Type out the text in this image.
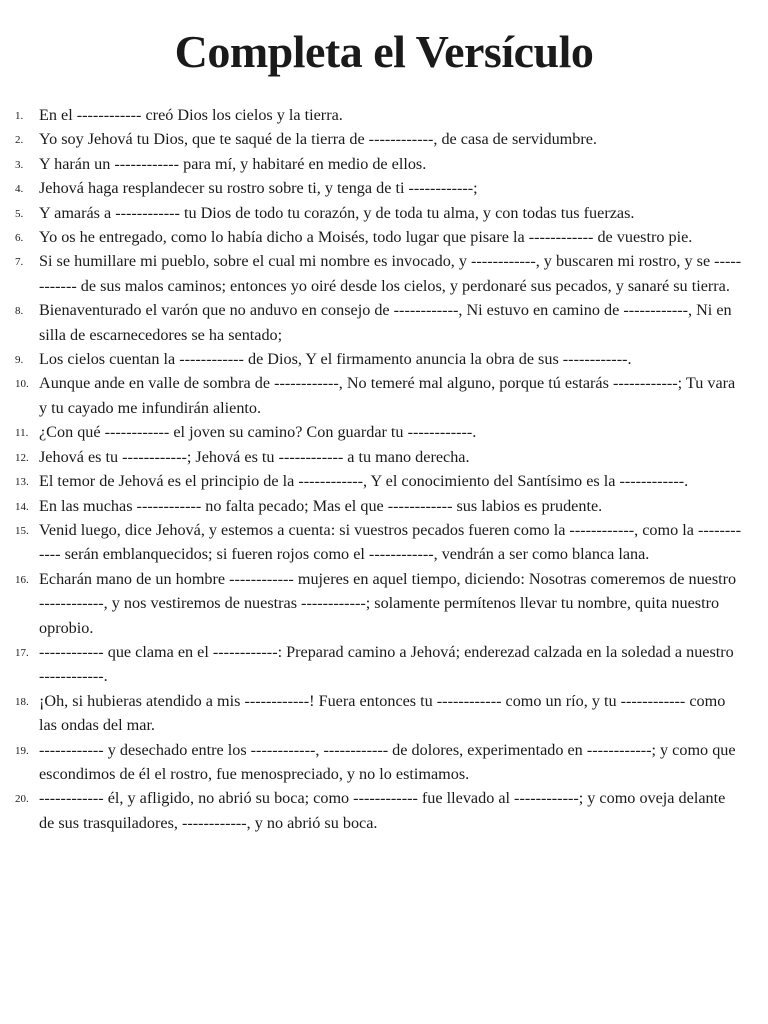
Completa el Versículo
1. En el ------------ creó Dios los cielos y la tierra.
2. Yo soy Jehová tu Dios, que te saqué de la tierra de ------------, de casa de servidumbre.
3. Y harán un ------------ para mí, y habitaré en medio de ellos.
4. Jehová haga resplandecer su rostro sobre ti, y tenga de ti ------------;
5. Y amarás a ------------ tu Dios de todo tu corazón, y de toda tu alma, y con todas tus fuerzas.
6. Yo os he entregado, como lo había dicho a Moisés, todo lugar que pisare la ------------ de vuestro pie.
7. Si se humillare mi pueblo, sobre el cual mi nombre es invocado, y ------------, y buscaren mi rostro, y se ------------ de sus malos caminos; entonces yo oiré desde los cielos, y perdonaré sus pecados, y sanaré su tierra.
8. Bienaventurado el varón que no anduvo en consejo de ------------, Ni estuvo en camino de ------------, Ni en silla de escarnecedores se ha sentado;
9. Los cielos cuentan la ------------ de Dios, Y el firmamento anuncia la obra de sus ------------.
10. Aunque ande en valle de sombra de ------------, No temeré mal alguno, porque tú estarás ------------; Tu vara y tu cayado me infundirán aliento.
11. ¿Con qué ------------ el joven su camino? Con guardar tu ------------.
12. Jehová es tu ------------; Jehová es tu ------------ a tu mano derecha.
13. El temor de Jehová es el principio de la ------------, Y el conocimiento del Santísimo es la ------------.
14. En las muchas ------------ no falta pecado; Mas el que ------------ sus labios es prudente.
15. Venid luego, dice Jehová, y estemos a cuenta: si vuestros pecados fueren como la ------------, como la ------------ serán emblanquecidos; si fueren rojos como el ------------, vendrán a ser como blanca lana.
16. Echarán mano de un hombre ------------ mujeres en aquel tiempo, diciendo: Nosotras comeremos de nuestro ------------, y nos vestiremos de nuestras ------------; solamente permítenos llevar tu nombre, quita nuestro oprobio.
17. ------------ que clama en el ------------: Preparad camino a Jehová; enderezad calzada en la soledad a nuestro ------------.
18. ¡Oh, si hubieras atendido a mis ------------! Fuera entonces tu ------------ como un río, y tu ------------ como las ondas del mar.
19. ------------ y desechado entre los ------------, ------------ de dolores, experimentado en ------------; y como que escondimos de él el rostro, fue menospreciado, y no lo estimamos.
20. ------------ él, y afligido, no abrió su boca; como ------------ fue llevado al ------------; y como oveja delante de sus trasquiladores, ------------, y no abrió su boca.
